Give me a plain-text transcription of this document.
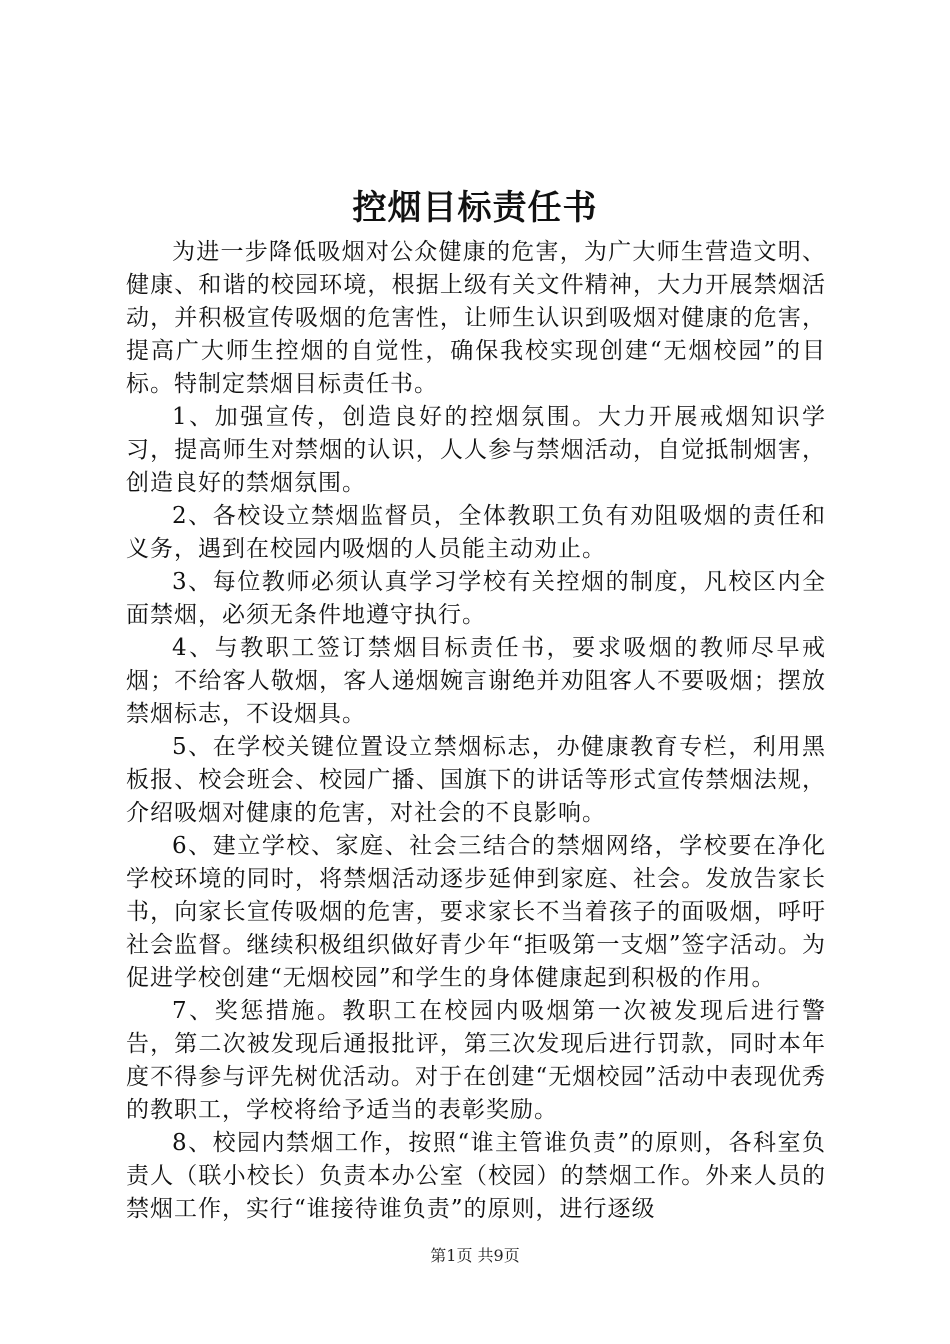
控烟目标责任书

为进一步降低吸烟对公众健康的危害，为广大师生营造文明、健康、和谐的校园环境，根据上级有关文件精神，大力开展禁烟活动，并积极宣传吸烟的危害性，让师生认识到吸烟对健康的危害，提高广大师生控烟的自觉性，确保我校实现创建“无烟校园”的目标。特制定禁烟目标责任书。

1、加强宣传，创造良好的控烟氛围。大力开展戒烟知识学习，提高师生对禁烟的认识，人人参与禁烟活动，自觉抵制烟害，创造良好的禁烟氛围。

2、各校设立禁烟监督员，全体教职工负有劝阻吸烟的责任和义务，遇到在校园内吸烟的人员能主动劝止。

3、每位教师必须认真学习学校有关控烟的制度，凡校区内全面禁烟，必须无条件地遵守执行。

4、与教职工签订禁烟目标责任书，要求吸烟的教师尽早戒烟；不给客人敬烟，客人递烟婉言谢绝并劝阻客人不要吸烟；摆放禁烟标志，不设烟具。

5、在学校关键位置设立禁烟标志，办健康教育专栏，利用黑板报、校会班会、校园广播、国旗下的讲话等形式宣传禁烟法规，介绍吸烟对健康的危害，对社会的不良影响。

6、建立学校、家庭、社会三结合的禁烟网络，学校要在净化学校环境的同时，将禁烟活动逐步延伸到家庭、社会。发放告家长书，向家长宣传吸烟的危害，要求家长不当着孩子的面吸烟，呼吁社会监督。继续积极组织做好青少年“拒吸第一支烟”签字活动。为促进学校创建“无烟校园”和学生的身体健康起到积极的作用。

7、奖惩措施。教职工在校园内吸烟第一次被发现后进行警告，第二次被发现后通报批评，第三次发现后进行罚款，同时本年度不得参与评先树优活动。对于在创建“无烟校园”活动中表现优秀的教职工，学校将给予适当的表彰奖励。

8、校园内禁烟工作，按照“谁主管谁负责”的原则，各科室负责人（联小校长）负责本办公室（校园）的禁烟工作。外来人员的禁烟工作，实行“谁接待谁负责”的原则，进行逐级

第1页 共9页
